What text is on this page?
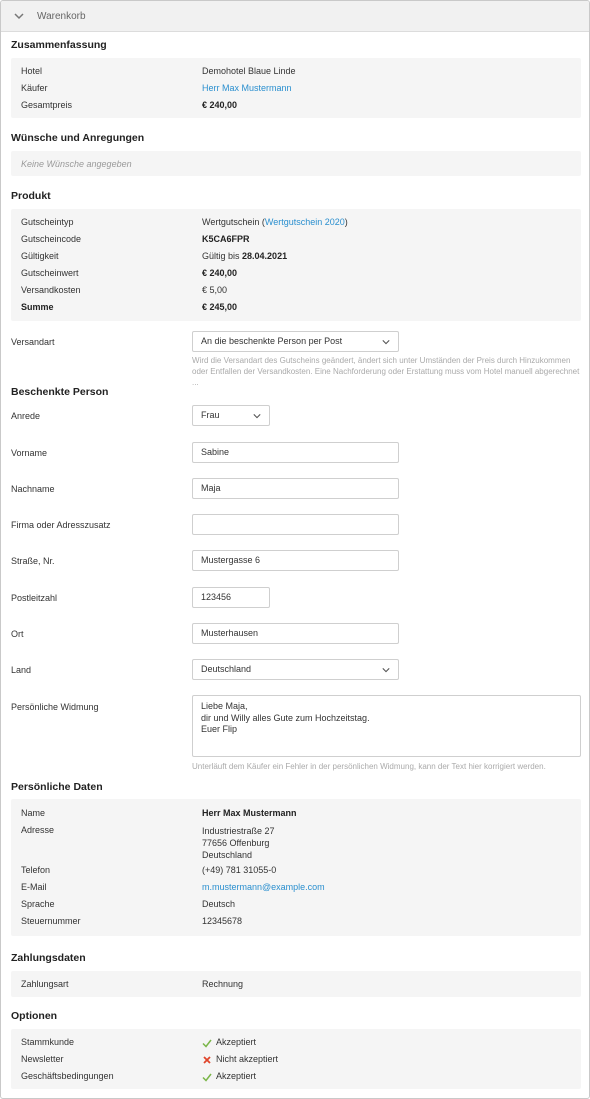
Warenkorb
Zusammenfassung
Hotel	Demohotel Blaue Linde
Käufer	Herr Max Mustermann
Gesamtpreis	€ 240,00
Wünsche und Anregungen
Keine Wünsche angegeben
Produkt
Gutscheintyp	Wertgutschein (Wertgutschein 2020)
Gutscheincode	K5CA6FPR
Gültigkeit	Gültig bis 28.04.2021
Gutscheinwert	€ 240,00
Versandkosten	€ 5,00
Summe	€ 245,00
Versandart	An die beschenkte Person per Post
Wird die Versandart des Gutscheins geändert, ändert sich unter Umständen der Preis durch Hinzukommen oder Entfallen der Versandkosten. Eine Nachforderung oder Erstattung muss vom Hotel manuell abgerechnet ...
Beschenkte Person
Anrede	Frau
Vorname	Sabine
Nachname	Maja
Firma oder Adresszusatz
Straße, Nr.	Mustergasse 6
Postleitzahl	123456
Ort	Musterhausen
Land	Deutschland
Persönliche Widmung	Liebe Maja,
dir und Willy alles Gute zum Hochzeitstag.
Euer Flip
Unterläuft dem Käufer ein Fehler in der persönlichen Widmung, kann der Text hier korrigiert werden.
Persönliche Daten
Name	Herr Max Mustermann
Adresse	Industriestraße 27
77656 Offenburg
Deutschland
Telefon	(+49) 781 31055-0
E-Mail	m.mustermann@example.com
Sprache	Deutsch
Steuernummer	12345678
Zahlungsdaten
Zahlungsart	Rechnung
Optionen
Stammkunde	Akzeptiert
Newsletter	Nicht akzeptiert
Geschäftsbedingungen	Akzeptiert
